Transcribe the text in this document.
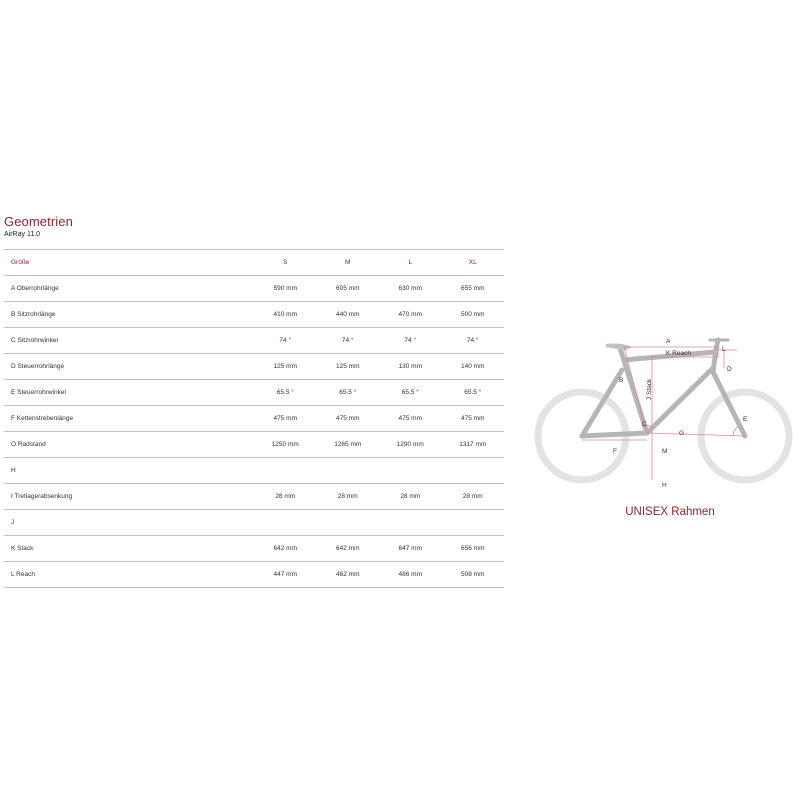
Geometrien
AirRay 11.0
Größe	S	M	L	XL
A Oberrohrlänge	590 mm	605 mm	630 mm	655 mm
B Sitzrohrlänge	410 mm	440 mm	470 mm	500 mm
C Sitzrohrwinkel	74 °	74 °	74 °	74 °
D Steuerrohrlänge	125 mm	125 mm	130 mm	140 mm
E Steuerrohrwinkel	65.5 °	65.5 °	65.5 °	65.5 °
F Kettenstrebenlänge	475 mm	475 mm	475 mm	475 mm
O Radstand	1250 mm	1265 mm	1290 mm	1317 mm
H				
I Tretlagerabsenkung	28 mm	28 mm	28 mm	28 mm
J				
K Stack	642 mm	642 mm	647 mm	656 mm
L Reach	447 mm	462 mm	486 mm	508 mm
A
K Reach
L
B
D
J Stack
C
G
E
F	M
H
UNISEX Rahmen
